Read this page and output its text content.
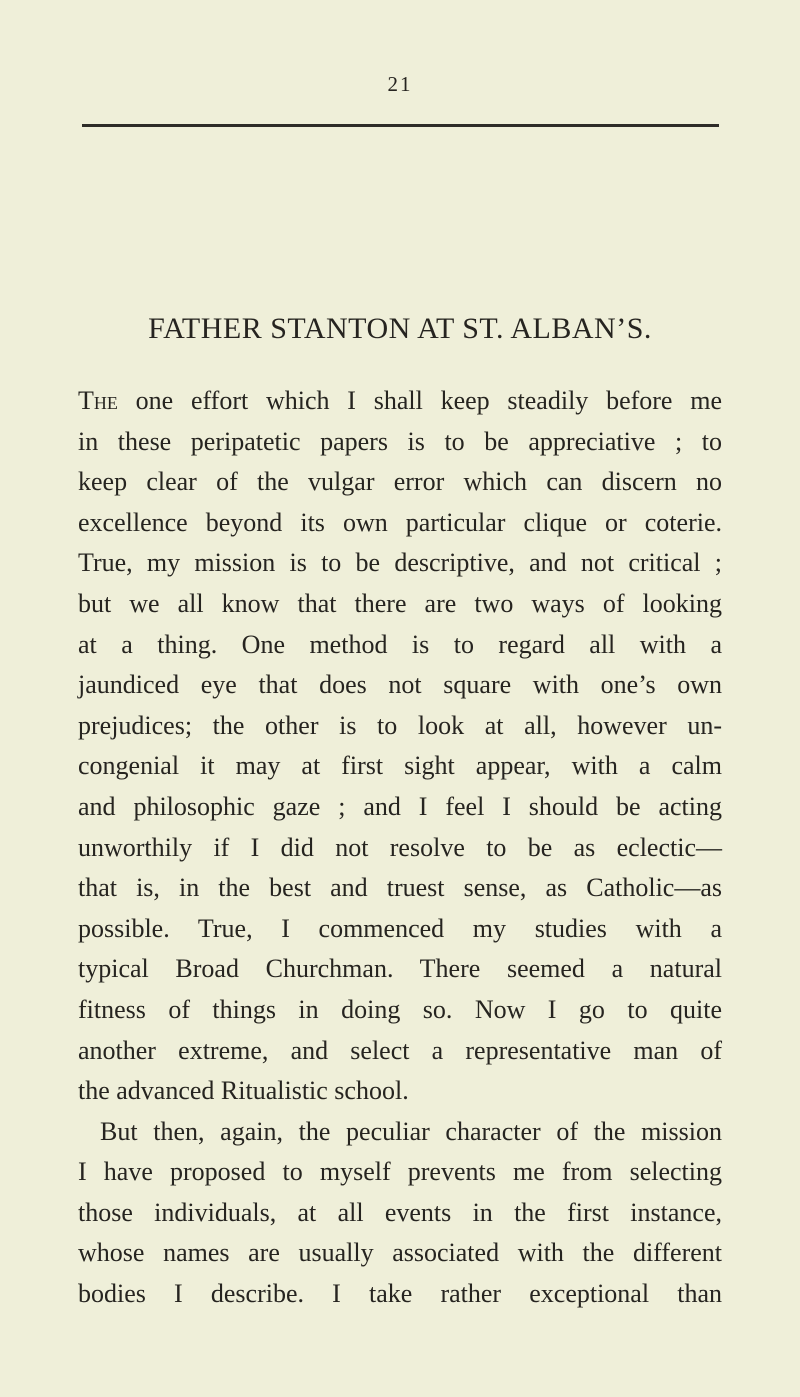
21
FATHER STANTON AT ST. ALBAN’S.
The one effort which I shall keep steadily before me
in these peripatetic papers is to be appreciative ; to
keep clear of the vulgar error which can discern no
excellence beyond its own particular clique or coterie.
True, my mission is to be descriptive, and not critical ;
but we all know that there are two ways of looking
at a thing. One method is to regard all with a
jaundiced eye that does not square with one’s own
prejudices; the other is to look at all, however un-
congenial it may at first sight appear, with a calm
and philosophic gaze ; and I feel I should be acting
unworthily if I did not resolve to be as eclectic—
that is, in the best and truest sense, as Catholic—as
possible. True, I commenced my studies with a
typical Broad Churchman. There seemed a natural
fitness of things in doing so. Now I go to quite
another extreme, and select a representative man of
the advanced Ritualistic school.
But then, again, the peculiar character of the mission
I have proposed to myself prevents me from selecting
those individuals, at all events in the first instance,
whose names are usually associated with the different
bodies I describe. I take rather exceptional than
